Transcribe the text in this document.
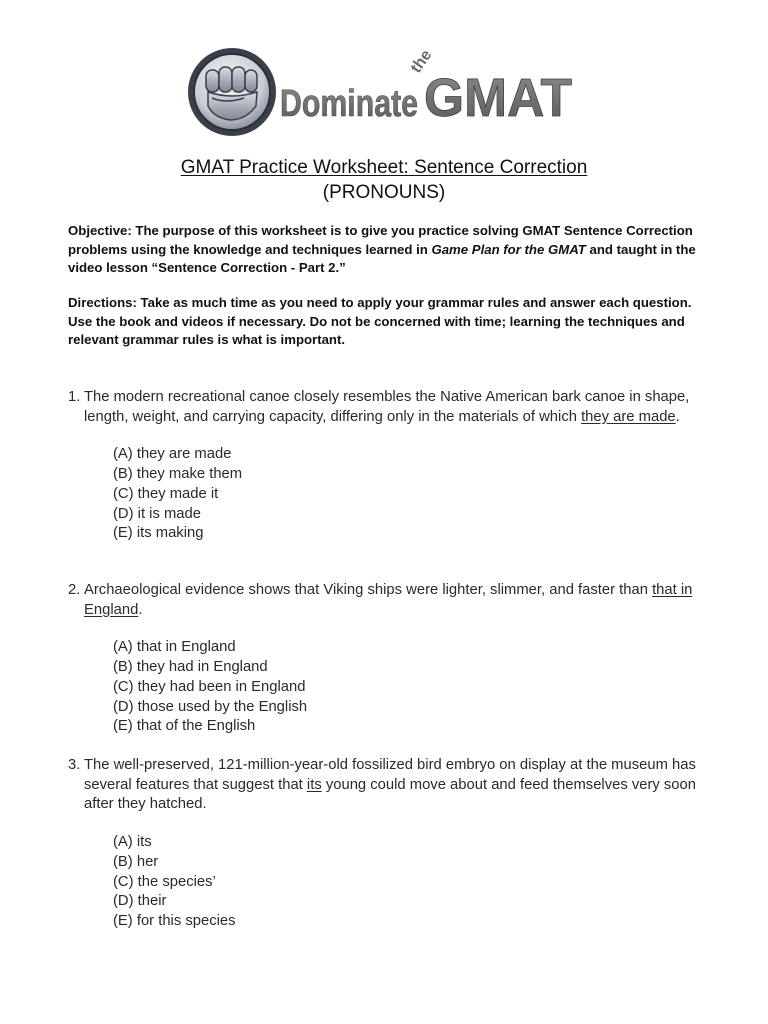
Dominate
the
GMAT
GMAT Practice Worksheet: Sentence Correction
(PRONOUNS)
Objective: The purpose of this worksheet is to give you practice solving GMAT Sentence Correction problems using the knowledge and techniques learned in Game Plan for the GMAT and taught in the video lesson “Sentence Correction - Part 2.”
Directions: Take as much time as you need to apply your grammar rules and answer each question. Use the book and videos if necessary. Do not be concerned with time; learning the techniques and relevant grammar rules is what is important.
1. The modern recreational canoe closely resembles the Native American bark canoe in shape, length, weight, and carrying capacity, differing only in the materials of which they are made.
(A) they are made
(B) they make them
(C) they made it
(D) it is made
(E) its making
2. Archaeological evidence shows that Viking ships were lighter, slimmer, and faster than that in England.
(A) that in England
(B) they had in England
(C) they had been in England
(D) those used by the English
(E) that of the English
3. The well-preserved, 121-million-year-old fossilized bird embryo on display at the museum has several features that suggest that its young could move about and feed themselves very soon after they hatched.
(A) its
(B) her
(C) the species’
(D) their
(E) for this species
